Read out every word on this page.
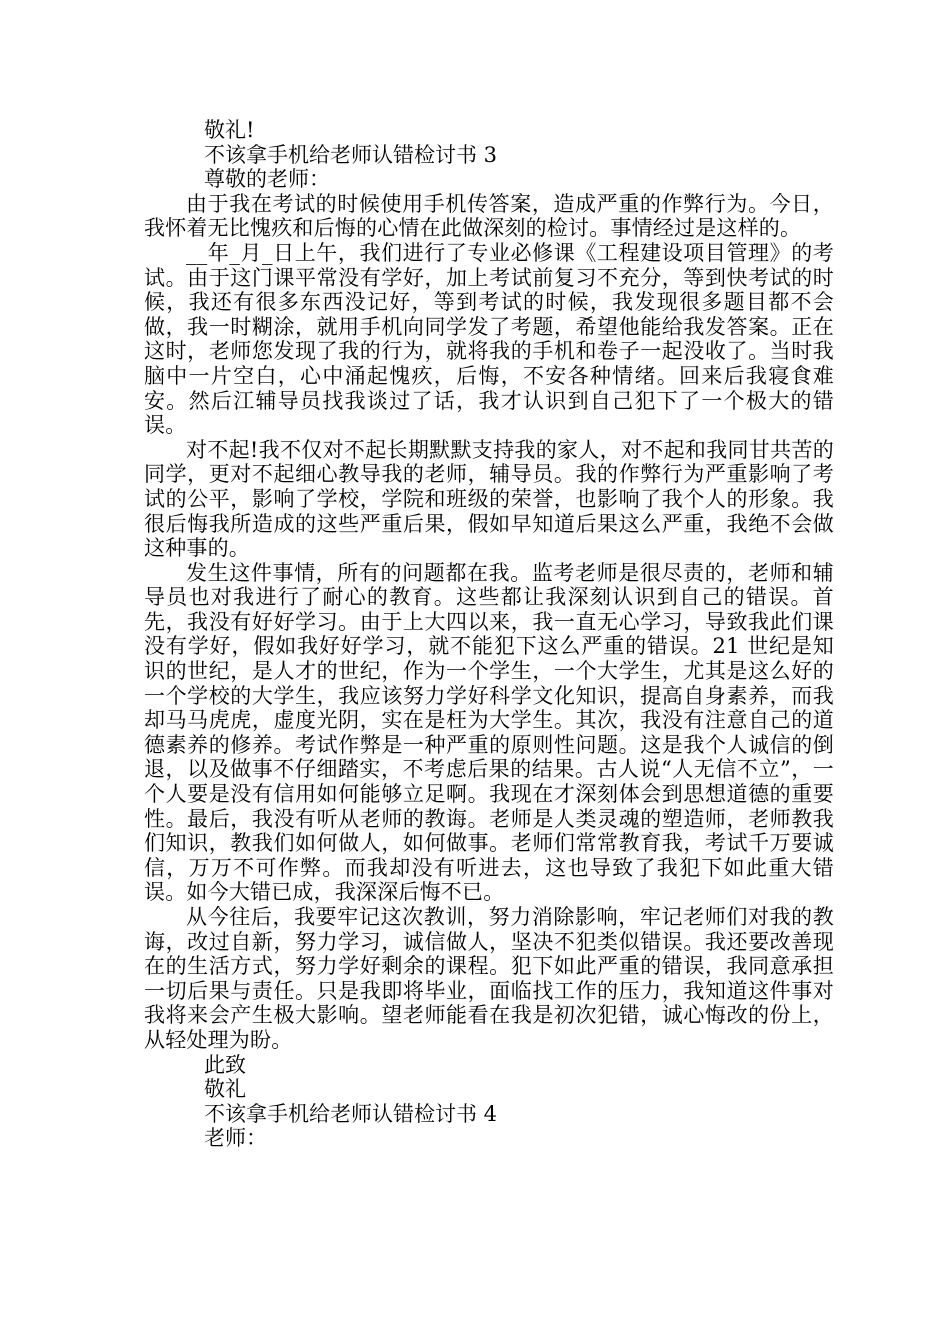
敬礼!
不该拿手机给老师认错检讨书 3
尊敬的老师：

由于我在考试的时候使用手机传答案，造成严重的作弊行为。今日，我怀着无比愧疚和后悔的心情在此做深刻的检讨。事情经过是这样的。

__年_月_日上午，我们进行了专业必修课《工程建设项目管理》的考试。由于这门课平常没有学好，加上考试前复习不充分，等到快考试的时候，我还有很多东西没记好，等到考试的时候，我发现很多题目都不会做，我一时糊涂，就用手机向同学发了考题，希望他能给我发答案。正在这时，老师您发现了我的行为，就将我的手机和卷子一起没收了。当时我脑中一片空白，心中涌起愧疚，后悔，不安各种情绪。回来后我寝食难安。然后江辅导员找我谈过了话，我才认识到自己犯下了一个极大的错误。

对不起!我不仅对不起长期默默支持我的家人，对不起和我同甘共苦的同学，更对不起细心教导我的老师，辅导员。我的作弊行为严重影响了考试的公平，影响了学校，学院和班级的荣誉，也影响了我个人的形象。我很后悔我所造成的这些严重后果，假如早知道后果这么严重，我绝不会做这种事的。

发生这件事情，所有的问题都在我。监考老师是很尽责的，老师和辅导员也对我进行了耐心的教育。这些都让我深刻认识到自己的错误。首先，我没有好好学习。由于上大四以来，我一直无心学习，导致我此们课没有学好，假如我好好学习，就不能犯下这么严重的错误。21 世纪是知识的世纪，是人才的世纪，作为一个学生，一个大学生，尤其是这么好的一个学校的大学生，我应该努力学好科学文化知识，提高自身素养，而我却马马虎虎，虚度光阴，实在是枉为大学生。其次，我没有注意自己的道德素养的修养。考试作弊是一种严重的原则性问题。这是我个人诚信的倒退，以及做事不仔细踏实，不考虑后果的结果。古人说“人无信不立”，一个人要是没有信用如何能够立足啊。我现在才深刻体会到思想道德的重要性。最后，我没有听从老师的教诲。老师是人类灵魂的塑造师，老师教我们知识，教我们如何做人，如何做事。老师们常常教育我，考试千万要诚信，万万不可作弊。而我却没有听进去，这也导致了我犯下如此重大错误。如今大错已成，我深深后悔不已。

从今往后，我要牢记这次教训，努力消除影响，牢记老师们对我的教诲，改过自新，努力学习，诚信做人，坚决不犯类似错误。我还要改善现在的生活方式，努力学好剩余的课程。犯下如此严重的错误，我同意承担一切后果与责任。只是我即将毕业，面临找工作的压力，我知道这件事对我将来会产生极大影响。望老师能看在我是初次犯错，诚心悔改的份上，从轻处理为盼。

此致
敬礼
不该拿手机给老师认错检讨书 4
老师：
